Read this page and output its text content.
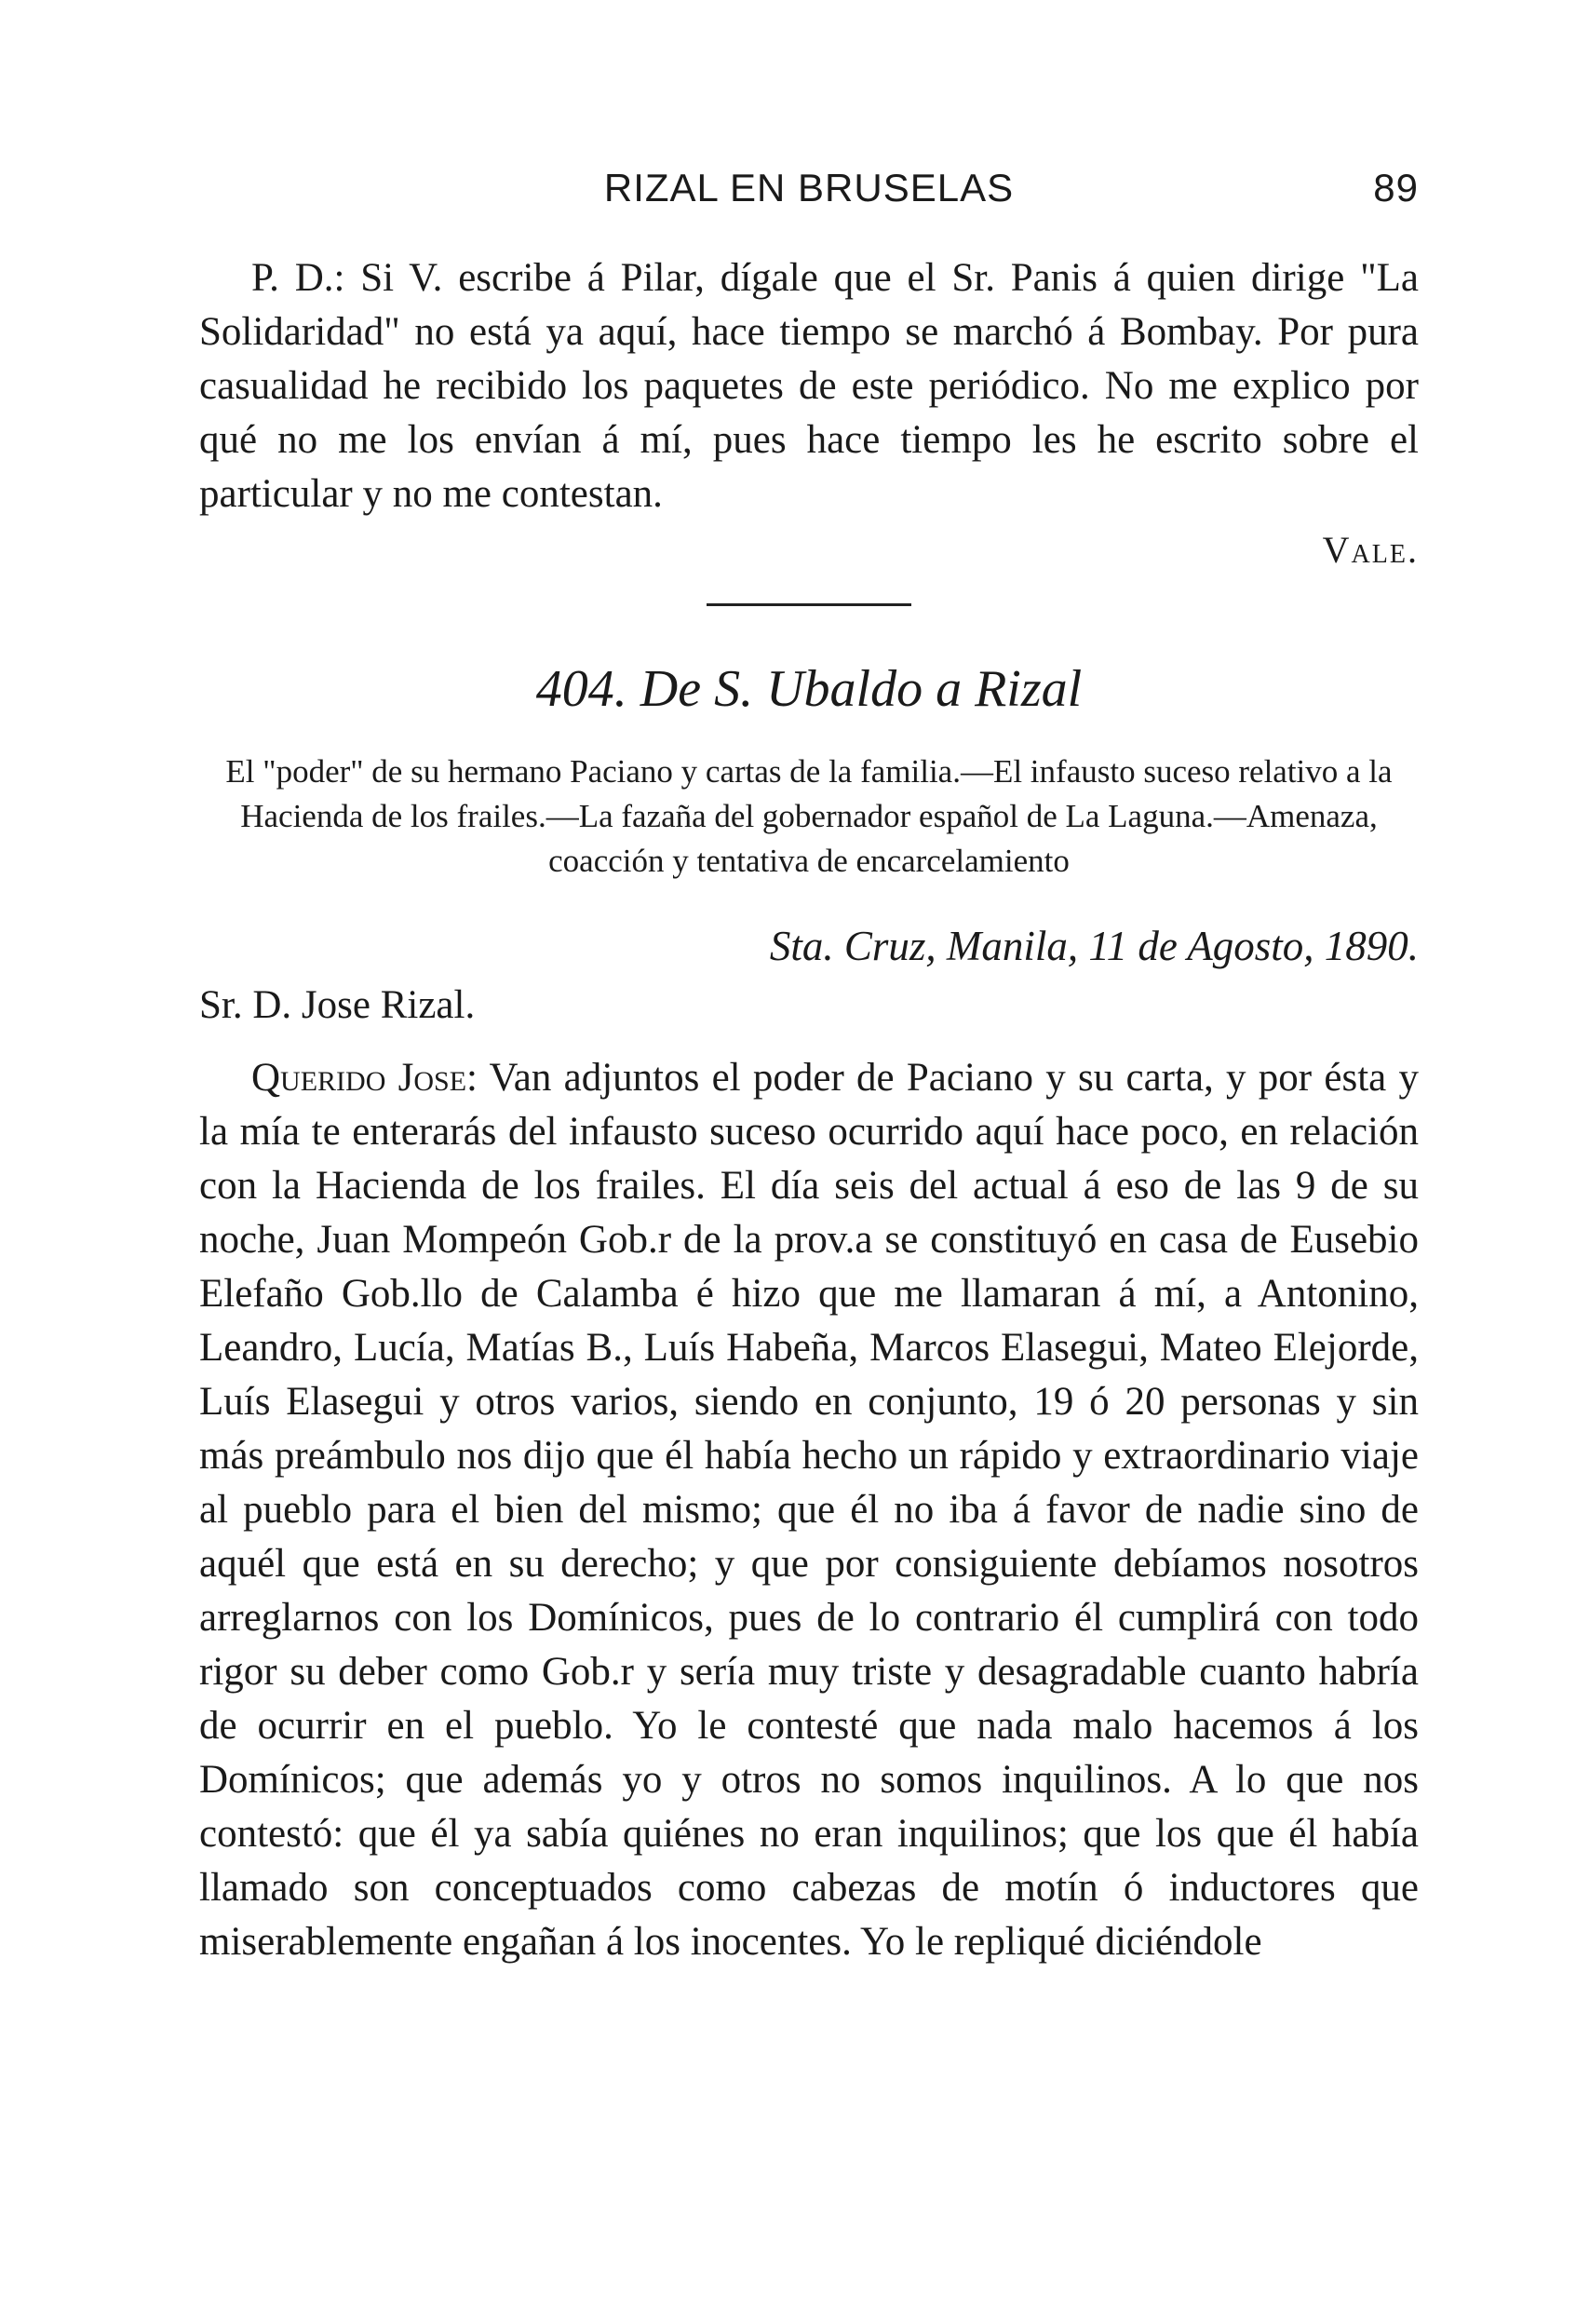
RIZAL EN BRUSELAS	89

P. D.: Si V. escribe á Pilar, dígale que el Sr. Panis á quien dirige "La Solidaridad" no está ya aquí, hace tiempo se marchó á Bombay. Por pura casualidad he recibido los paquetes de este periódico. No me explico por qué no me los envían á mí, pues hace tiempo les he escrito sobre el particular y no me contestan.

Vale.
404. De S. Ubaldo a Rizal

El "poder" de su hermano Paciano y cartas de la familia.—El infausto suceso relativo a la Hacienda de los frailes.—La fazaña del gobernador español de La Laguna.—Amenaza, coacción y tentativa de encarcelamiento

Sta. Cruz, Manila, 11 de Agosto, 1890.
Sr. D. Jose Rizal.

Querido Jose: Van adjuntos el poder de Paciano y su carta, y por ésta y la mía te enterarás del infausto suceso ocurrido aquí hace poco, en relación con la Hacienda de los frailes. El día seis del actual á eso de las 9 de su noche, Juan Mompeón Gob.r de la prov.a se constituyó en casa de Eusebio Elefaño Gob.llo de Calamba é hizo que me llamaran á mí, a Antonino, Leandro, Lucía, Matías B., Luís Habeña, Marcos Elasegui, Mateo Elejorde, Luís Elasegui y otros varios, siendo en conjunto, 19 ó 20 personas y sin más preámbulo nos dijo que él había hecho un rápido y extraordinario viaje al pueblo para el bien del mismo; que él no iba á favor de nadie sino de aquél que está en su derecho; y que por consiguiente debíamos nosotros arreglarnos con los Domínicos, pues de lo contrario él cumplirá con todo rigor su deber como Gob.r y sería muy triste y desagradable cuanto habría de ocurrir en el pueblo. Yo le contesté que nada malo hacemos á los Domínicos; que además yo y otros no somos inquilinos. A lo que nos contestó: que él ya sabía quiénes no eran inquilinos; que los que él había llamado son conceptuados como cabezas de motín ó inductores que miserablemente engañan á los inocentes. Yo le repliqué diciéndole
